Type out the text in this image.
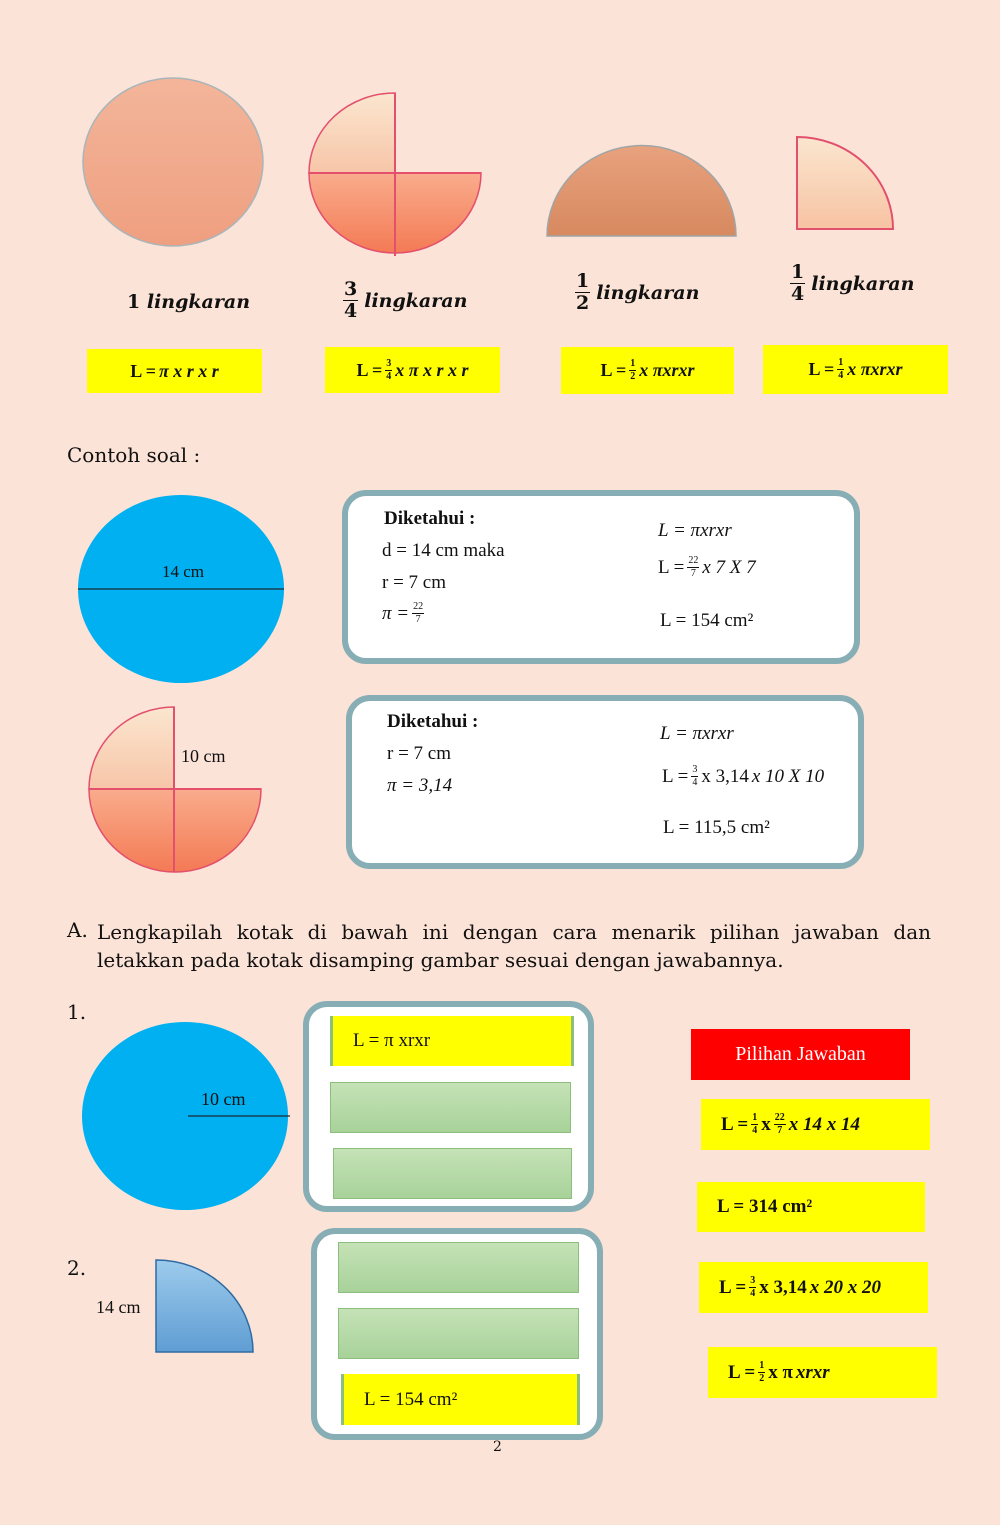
1 lingkaran	$\frac{3}{4}$ lingkaran	$\frac{1}{2}$ lingkaran	$\frac{1}{4}$ lingkaran
L = π x r x r	$L = \frac{3}{4}$ x π x r x r	$L = \frac{1}{2}$ x πxrxr	$L = \frac{1}{4}$ x πxrxr
Contoh soal :
14 cm
Diketahui :
d = 14 cm maka
r = 7 cm
$\pi = \frac{22}{7}$
L = πxrxr
$L = \frac{22}{7}$ x 7 X 7
L = 154 cm²
10 cm
Diketahui :
r = 7 cm
π = 3,14
L = πxrxr
$L = \frac{3}{4}$ x 3,14 x 10 X 10
L = 115,5 cm²
A. Lengkapilah kotak di bawah ini dengan cara menarik pilihan jawaban dan letakkan pada kotak disamping gambar sesuai dengan jawabannya.
1.
10 cm
L = π xrxr
2.
14 cm
L = 154 cm²
Pilihan Jawaban
$L = \frac{1}{4}$ x $\frac{22}{7}$ x 14 x 14
L = 314 cm²
$L = \frac{3}{4}$ x 3,14 x 20 x 20
$L = \frac{1}{2}$ x π xrxr
2
